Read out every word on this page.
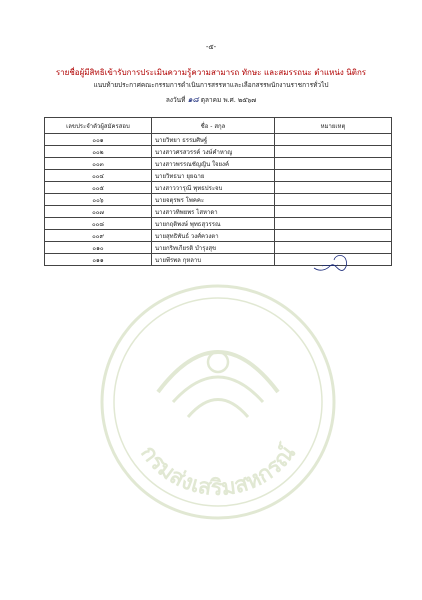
-๕-
รายชื่อผู้มีสิทธิเข้ารับการประเมินความรู้ความสามารถ ทักษะ และสมรรถนะ ตำแหน่ง นิติกร
แนบท้ายประกาศคณะกรรมการดำเนินการสรรหาและเลือกสรรพนักงานราชการทั่วไป
ลงวันที่ ๑๘ ตุลาคม พ.ศ. ๒๕๖๗
กรมส่งเสริมสหกรณ์
เลขประจำตัวผู้สมัครสอบ	ชื่อ - สกุล	หมายเหตุ
๐๐๑	นายวิทยา ธรรมศิษฐ์	
๐๐๒	นางสาวศรสวรรค์ วงษ์คำหาญ	
๐๐๓	นางสาวพรรณชัญญิน ใจยงค์	
๐๐๔	นายวิทธนา ยุยฉาย	
๐๐๕	นางสาววารุณี พุทธประจบ	
๐๐๖	นายจตุรพร โพคคะ	
๐๐๗	นางสาวทิพยพร ไสหาดา	
๐๐๘	นายกฤติพงษ์ พุทธสุวรรณ	
๐๐๙	นายสุทธิพันธ์ วงศ์ควงตา	
๐๑๐	นายกริทเกียรติ บำรุงสุข	
๐๑๑	นายพีรพล กุหลาบ	
